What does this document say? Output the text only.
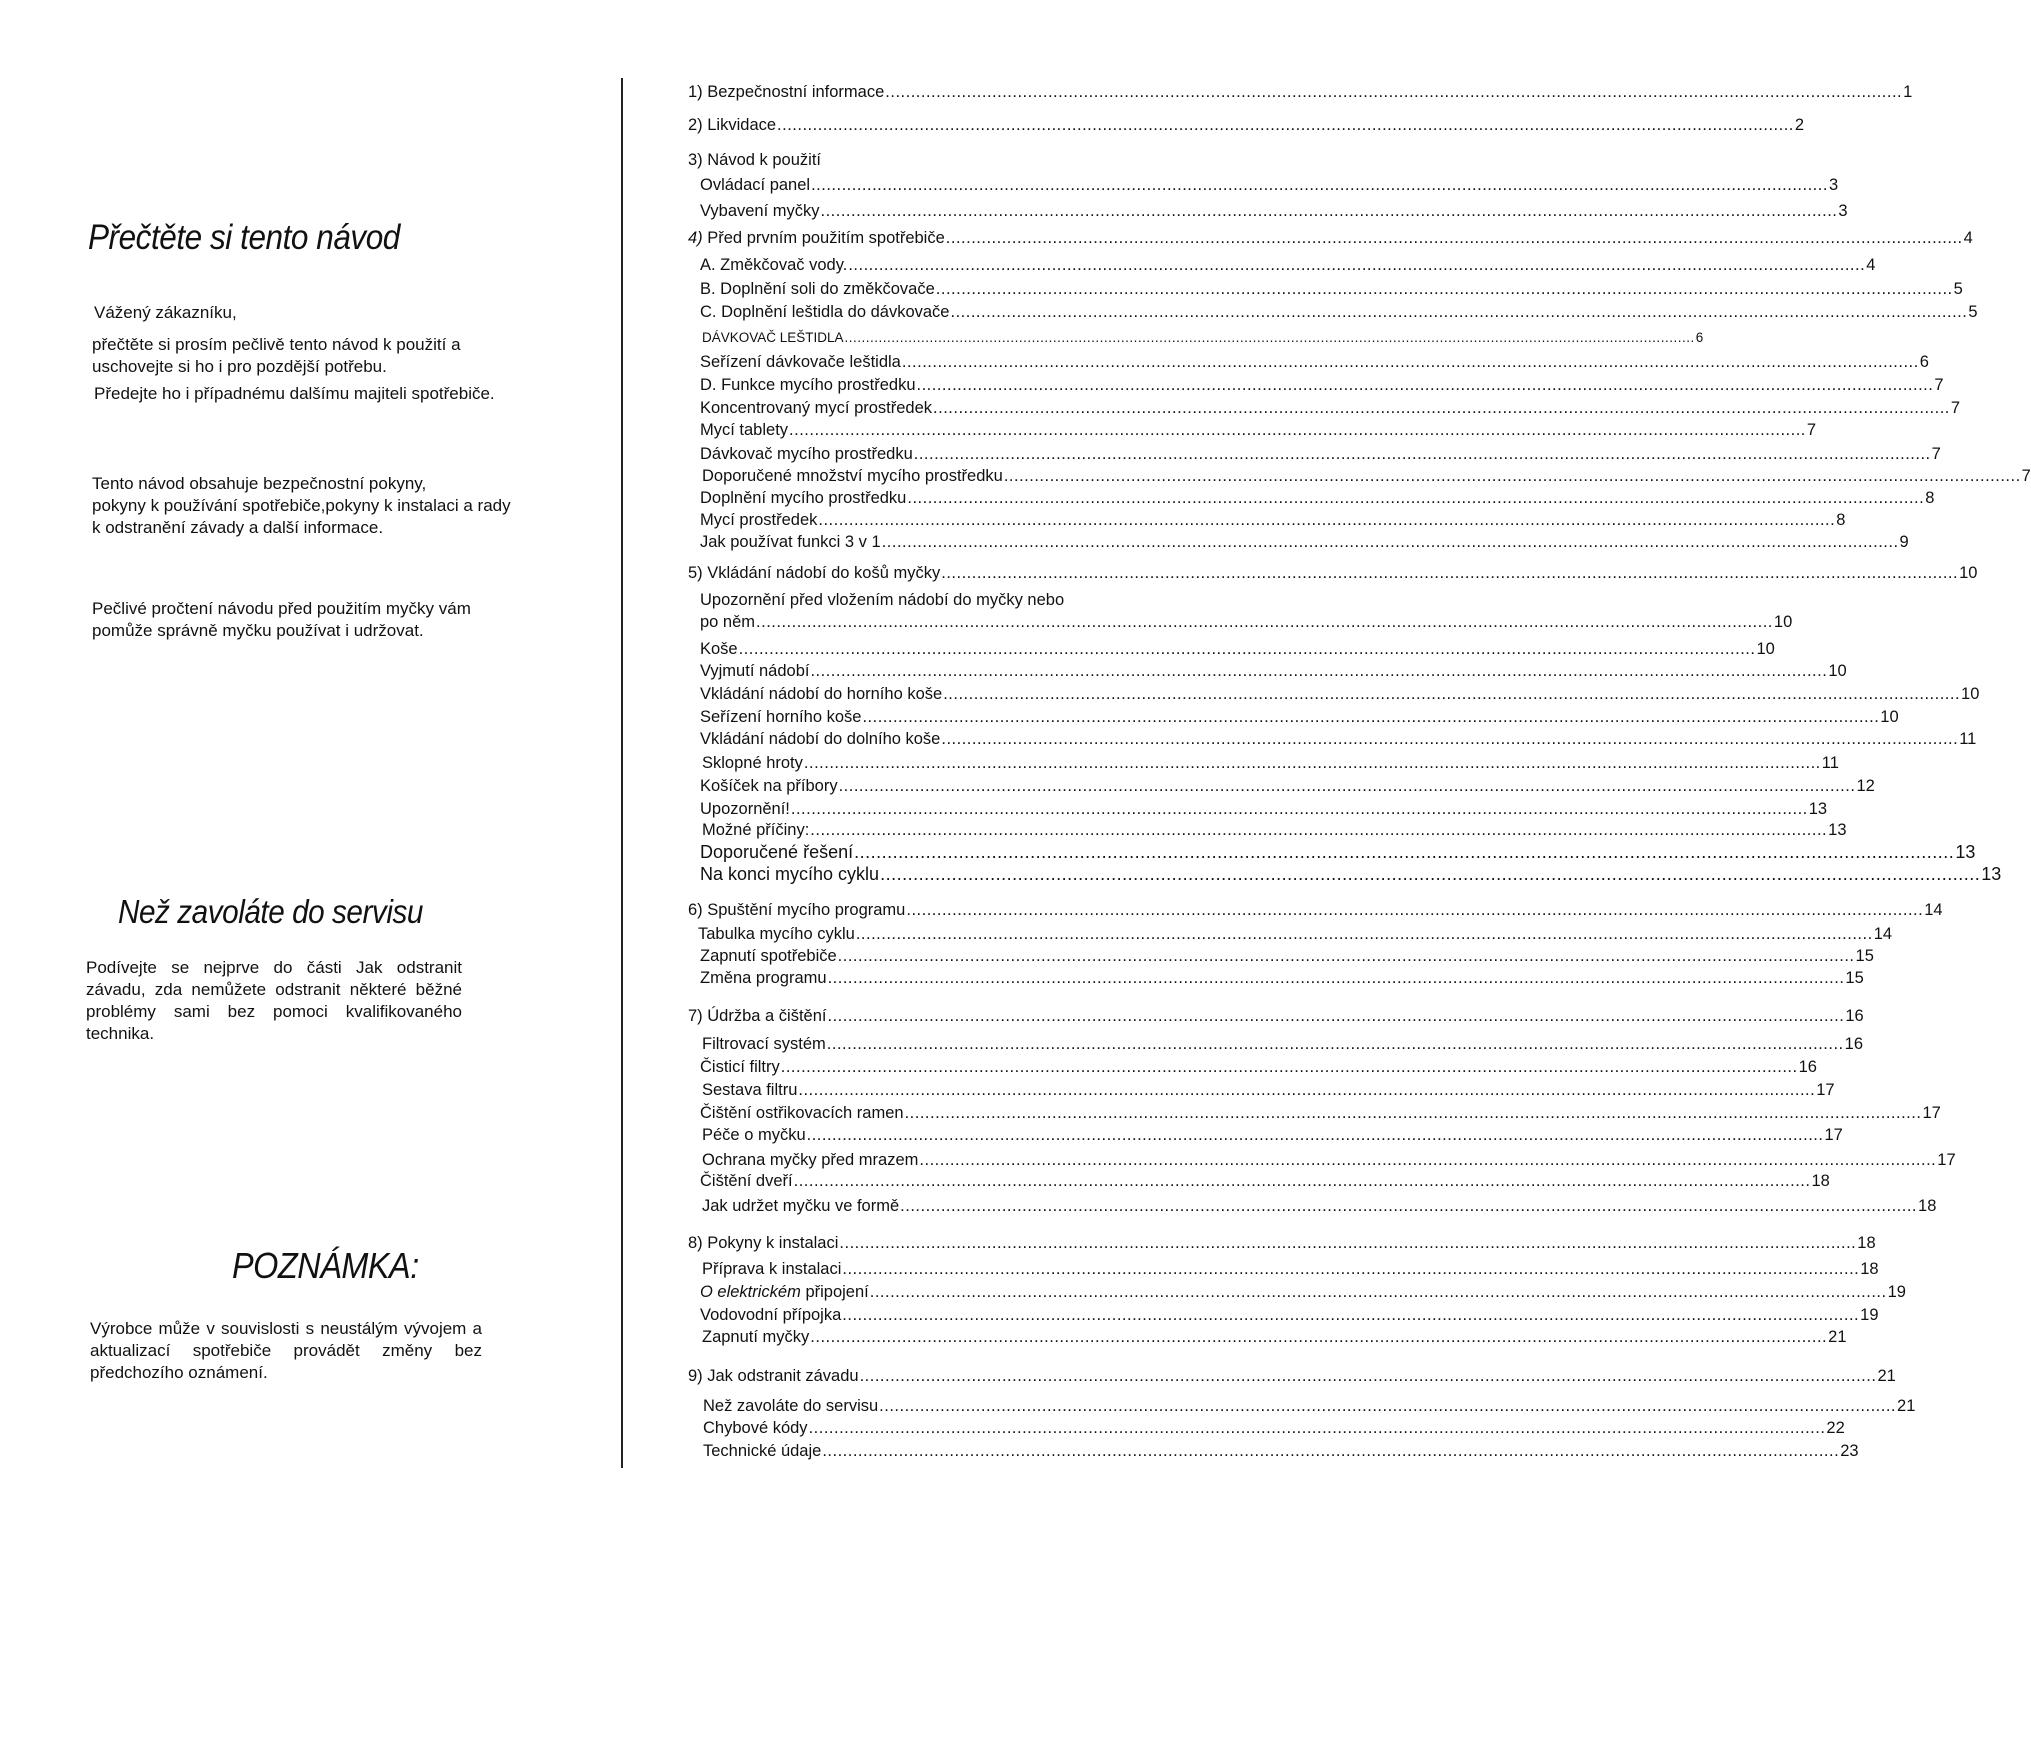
Přečtěte si tento návod
Vážený zákazníku,
přečtěte si prosím pečlivě tento návod k použití a
uschovejte si ho i pro pozdější potřebu.
Předejte ho i případnému dalšímu majiteli spotřebiče.
Tento návod obsahuje bezpečnostní pokyny,
pokyny k používání spotřebiče,pokyny k instalaci a rady
k odstranění závady a další informace.
Pečlivé pročtení návodu před použitím myčky vám
pomůže správně myčku používat i udržovat.
Než zavoláte do servisu
Podívejte se nejprve do části Jak odstranit závadu, zda nemůžete odstranit některé běžné problémy sami bez pomoci kvalifikovaného technika.
POZNÁMKA:
Výrobce může v souvislosti s neustálým vývojem a aktualizací spotřebiče provádět změny bez předchozího oznámení.
1) Bezpečnostní informace ........................................................................................................................................................................................................ 1
2) Likvidace ........................................................................................................................................................................................................ 2
3) Návod k použití
Ovládací panel ........................................................................................................................................................................................................ 3
Vybavení myčky ........................................................................................................................................................................................................ 3
4) Před prvním použitím spotřebiče ........................................................................................................................................................................................................ 4
A. Změkčovač vody. ........................................................................................................................................................................................................ 4
B. Doplnění soli do změkčovače ........................................................................................................................................................................................................ 5
C. Doplnění leštidla do dávkovače ........................................................................................................................................................................................................ 5
DÁVKOVAČ LEŠTIDLA ........................................................................................................................................................................................................ 6
Seřízení dávkovače leštidla ........................................................................................................................................................................................................ 6
D. Funkce mycího prostředku ........................................................................................................................................................................................................ 7
Koncentrovaný mycí prostředek ........................................................................................................................................................................................................ 7
Mycí tablety ........................................................................................................................................................................................................ 7
Dávkovač mycího prostředku ........................................................................................................................................................................................................ 7
Doporučené množství mycího prostředku ........................................................................................................................................................................................................ 7
Doplnění mycího prostředku ........................................................................................................................................................................................................ 8
Mycí prostředek ........................................................................................................................................................................................................ 8
Jak používat funkci 3 v 1 ........................................................................................................................................................................................................ 9
5) Vkládání nádobí do košů myčky ........................................................................................................................................................................................................ 10
Upozornění před vložením nádobí do myčky nebo
po něm ........................................................................................................................................................................................................ 10
Koše ........................................................................................................................................................................................................ 10
Vyjmutí nádobí ........................................................................................................................................................................................................ 10
Vkládání nádobí do horního koše ........................................................................................................................................................................................................ 10
Seřízení horního koše ........................................................................................................................................................................................................ 10
Vkládání nádobí do dolního koše ........................................................................................................................................................................................................ 11
Sklopné hroty ........................................................................................................................................................................................................ 11
Košíček na příbory ........................................................................................................................................................................................................ 12
Upozornění! ........................................................................................................................................................................................................ 13
Možné příčiny: ........................................................................................................................................................................................................ 13
Doporučené řešení ........................................................................................................................................................................................................ 13
Na konci mycího cyklu ........................................................................................................................................................................................................ 13
6) Spuštění mycího programu ........................................................................................................................................................................................................ 14
Tabulka mycího cyklu ........................................................................................................................................................................................................ 14
Zapnutí spotřebiče ........................................................................................................................................................................................................ 15
Změna programu ........................................................................................................................................................................................................ 15
7) Údržba a čištění ........................................................................................................................................................................................................ 16
Filtrovací systém ........................................................................................................................................................................................................ 16
Čisticí filtry ........................................................................................................................................................................................................ 16
Sestava filtru ........................................................................................................................................................................................................ 17
Čištění ostřikovacích ramen ........................................................................................................................................................................................................ 17
Péče o myčku ........................................................................................................................................................................................................ 17
Ochrana myčky před mrazem ........................................................................................................................................................................................................ 17
Čištění dveří ........................................................................................................................................................................................................ 18
Jak udržet myčku ve formě ........................................................................................................................................................................................................ 18
8) Pokyny k instalaci ........................................................................................................................................................................................................ 18
Příprava k instalaci ........................................................................................................................................................................................................ 18
O elektrickém připojení ........................................................................................................................................................................................................ 19
Vodovodní přípojka ........................................................................................................................................................................................................ 19
Zapnutí myčky ........................................................................................................................................................................................................ 21
9) Jak odstranit závadu ........................................................................................................................................................................................................ 21
Než zavoláte do servisu ........................................................................................................................................................................................................ 21
Chybové kódy ........................................................................................................................................................................................................ 22
Technické údaje ........................................................................................................................................................................................................ 23
